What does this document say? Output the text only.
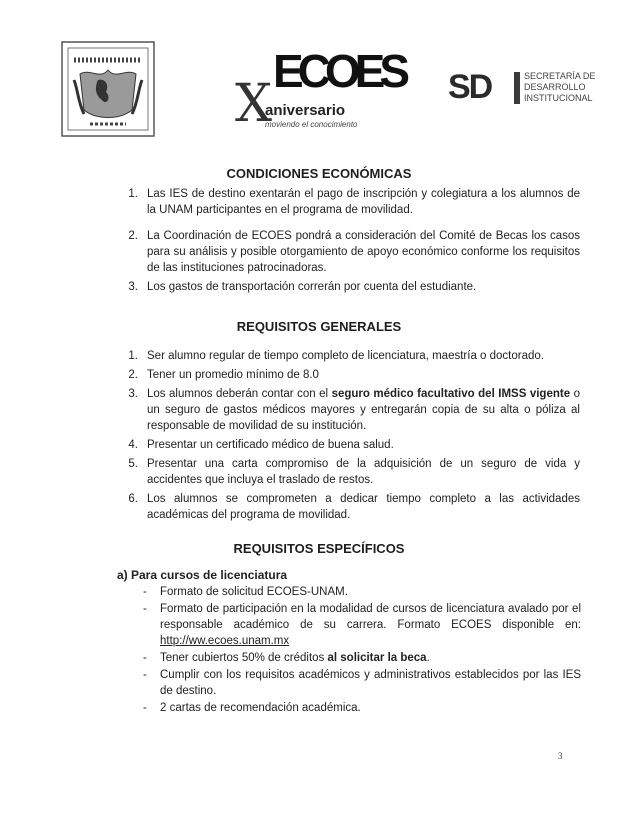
ECOES
X
aniversario
moviendo el conocimiento
SD	SECRETARÍA DE
DESARROLLO
INSTITUCIONAL
CONDICIONES ECONÓMICAS
1. Las IES de destino exentarán el pago de inscripción y colegiatura a los alumnos de la UNAM participantes en el programa de movilidad.
2. La Coordinación de ECOES pondrá a consideración del Comité de Becas los casos para su análisis y posible otorgamiento de apoyo económico conforme los requisitos de las instituciones patrocinadoras.
3. Los gastos de transportación correrán por cuenta del estudiante.
REQUISITOS GENERALES
1. Ser alumno regular de tiempo completo de licenciatura, maestría o doctorado.
2. Tener un promedio mínimo de 8.0
3. Los alumnos deberán contar con el seguro médico facultativo del IMSS vigente o un seguro de gastos médicos mayores y entregarán copia de su alta o póliza al responsable de movilidad de su institución.
4. Presentar un certificado médico de buena salud.
5. Presentar una carta compromiso de la adquisición de un seguro de vida y accidentes que incluya el traslado de restos.
6. Los alumnos se comprometen a dedicar tiempo completo a las actividades académicas del programa de movilidad.
REQUISITOS ESPECÍFICOS
a) Para cursos de licenciatura
- Formato de solicitud ECOES-UNAM.
- Formato de participación en la modalidad de cursos de licenciatura avalado por el responsable académico de su carrera. Formato ECOES disponible en: http://ww.ecoes.unam.mx
- Tener cubiertos 50% de créditos al solicitar la beca.
- Cumplir con los requisitos académicos y administrativos establecidos por las IES de destino.
- 2 cartas de recomendación académica.
3
